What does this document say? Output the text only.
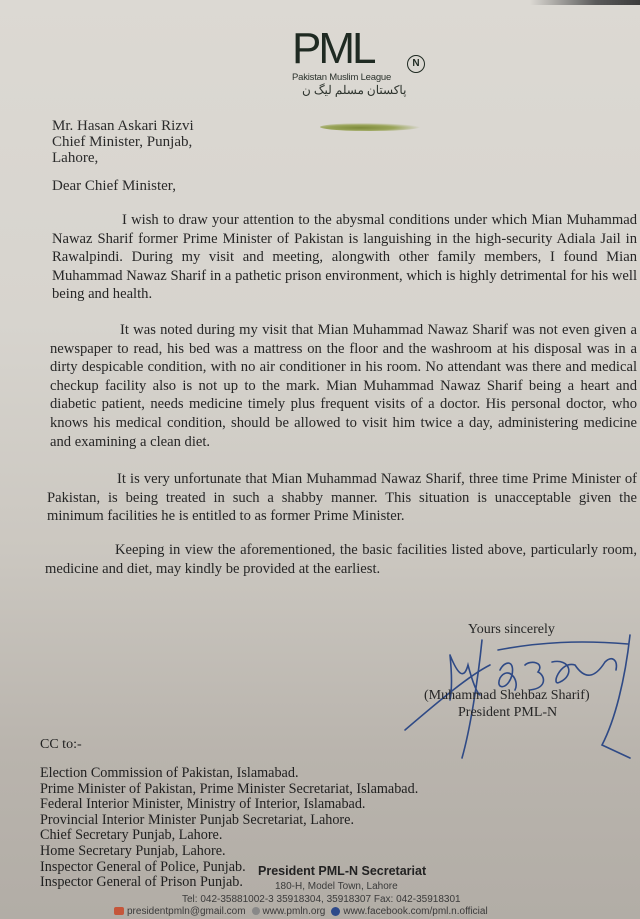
PML	N
Pakistan Muslim League
پاکستان مسلم لیگ ن
Mr. Hasan Askari Rizvi
Chief Minister, Punjab,
Lahore,
Dear Chief Minister,
I wish to draw your attention to the abysmal conditions under which Mian Muhammad Nawaz Sharif former Prime Minister of Pakistan is languishing in the high-security Adiala Jail in Rawalpindi. During my visit and meeting, alongwith other family members, I found Mian Muhammad Nawaz Sharif in a pathetic prison environment, which is highly detrimental for his well being and health.
It was noted during my visit that Mian Muhammad Nawaz Sharif was not even given a newspaper to read, his bed was a mattress on the floor and the washroom at his disposal was in a dirty despicable condition, with no air conditioner in his room. No attendant was there and medical checkup facility also is not up to the mark. Mian Muhammad Nawaz Sharif being a heart and diabetic patient, needs medicine timely plus frequent visits of a doctor. His personal doctor, who knows his medical condition, should be allowed to visit him twice a day, administering medicine and examining a clean diet.
It is very unfortunate that Mian Muhammad Nawaz Sharif, three time Prime Minister of Pakistan, is being treated in such a shabby manner. This situation is unacceptable given the minimum facilities he is entitled to as former Prime Minister.
Keeping in view the aforementioned, the basic facilities listed above, particularly room, medicine and diet, may kindly be provided at the earliest.
Yours sincerely
(Muhammad Shehbaz Sharif)
President PML-N
CC to:-
Election Commission of Pakistan, Islamabad.
Prime Minister of Pakistan, Prime Minister Secretariat, Islamabad.
Federal Interior Minister, Ministry of Interior, Islamabad.
Provincial Interior Minister Punjab Secretariat, Lahore.
Chief Secretary Punjab, Lahore.
Home Secretary Punjab, Lahore.
Inspector General of Police, Punjab.
Inspector General of Prison Punjab.
President PML-N Secretariat
180-H, Model Town, Lahore
Tel: 042-35881002-3 35918304, 35918307 Fax: 042-35918301
presidentpmln@gmail.com	www.pmln.org	www.facebook.com/pml.n.official
